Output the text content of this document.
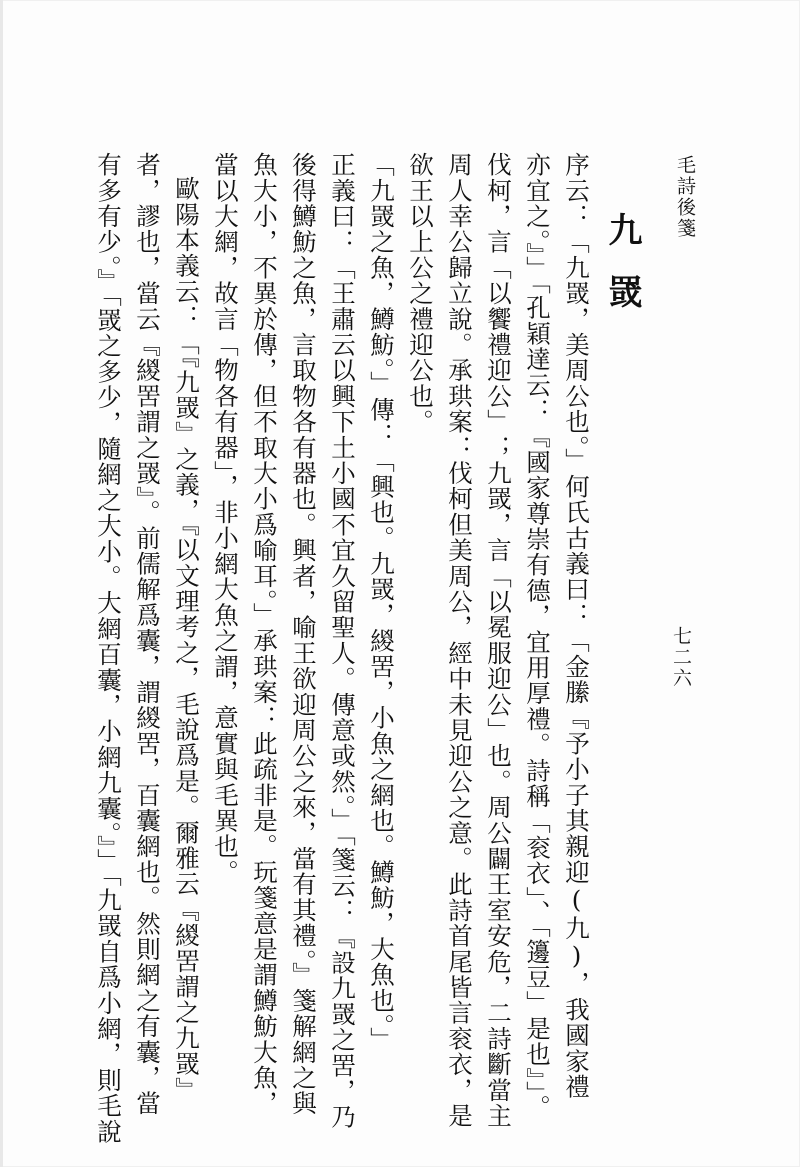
毛詩後箋
七二六
九罭
序云：「九罭，美周公也。」何氏古義曰：「金縢『予小子其親迎(九)，我國家禮
亦宜之。』」「孔穎達云：『國家尊崇有德，宜用厚禮。詩稱「衮衣」、「籩豆」是也』」。
伐柯，言「以饗禮迎公」；九罭，言「以冕服迎公」也。周公闢王室安危，二詩斷當主
周人幸公歸立說。承珙案：伐柯但美周公，經中未見迎公之意。此詩首尾皆言衮衣，是
欲王以上公之禮迎公也。
「九罭之魚，鱒魴。」傳：「興也。九罭，緵罟，小魚之網也。鱒魴，大魚也。」
正義曰：「王肅云以興下土小國不宜久留聖人。傳意或然。」「箋云：『設九罭之罟，乃
後得鱒魴之魚，言取物各有器也。興者，喻王欲迎周公之來，當有其禮。』箋解網之與
魚大小，不異於傳，但不取大小爲喻耳。」承珙案：此疏非是。玩箋意是謂鱒魴大魚，
當以大網，故言「物各有器」，非小網大魚之謂，意實與毛異也。
歐陽本義云：「『九罭』之義，『以文理考之，毛說爲是。爾雅云『緵罟謂之九罭』
者，謬也，當云『緵罟謂之罭』。前儒解爲囊，謂緵罟，百囊網也。然則網之有囊，當
有多有少。』「罭之多少，隨網之大小。大網百囊，小網九囊。』」「九罭自爲小網，則毛說
